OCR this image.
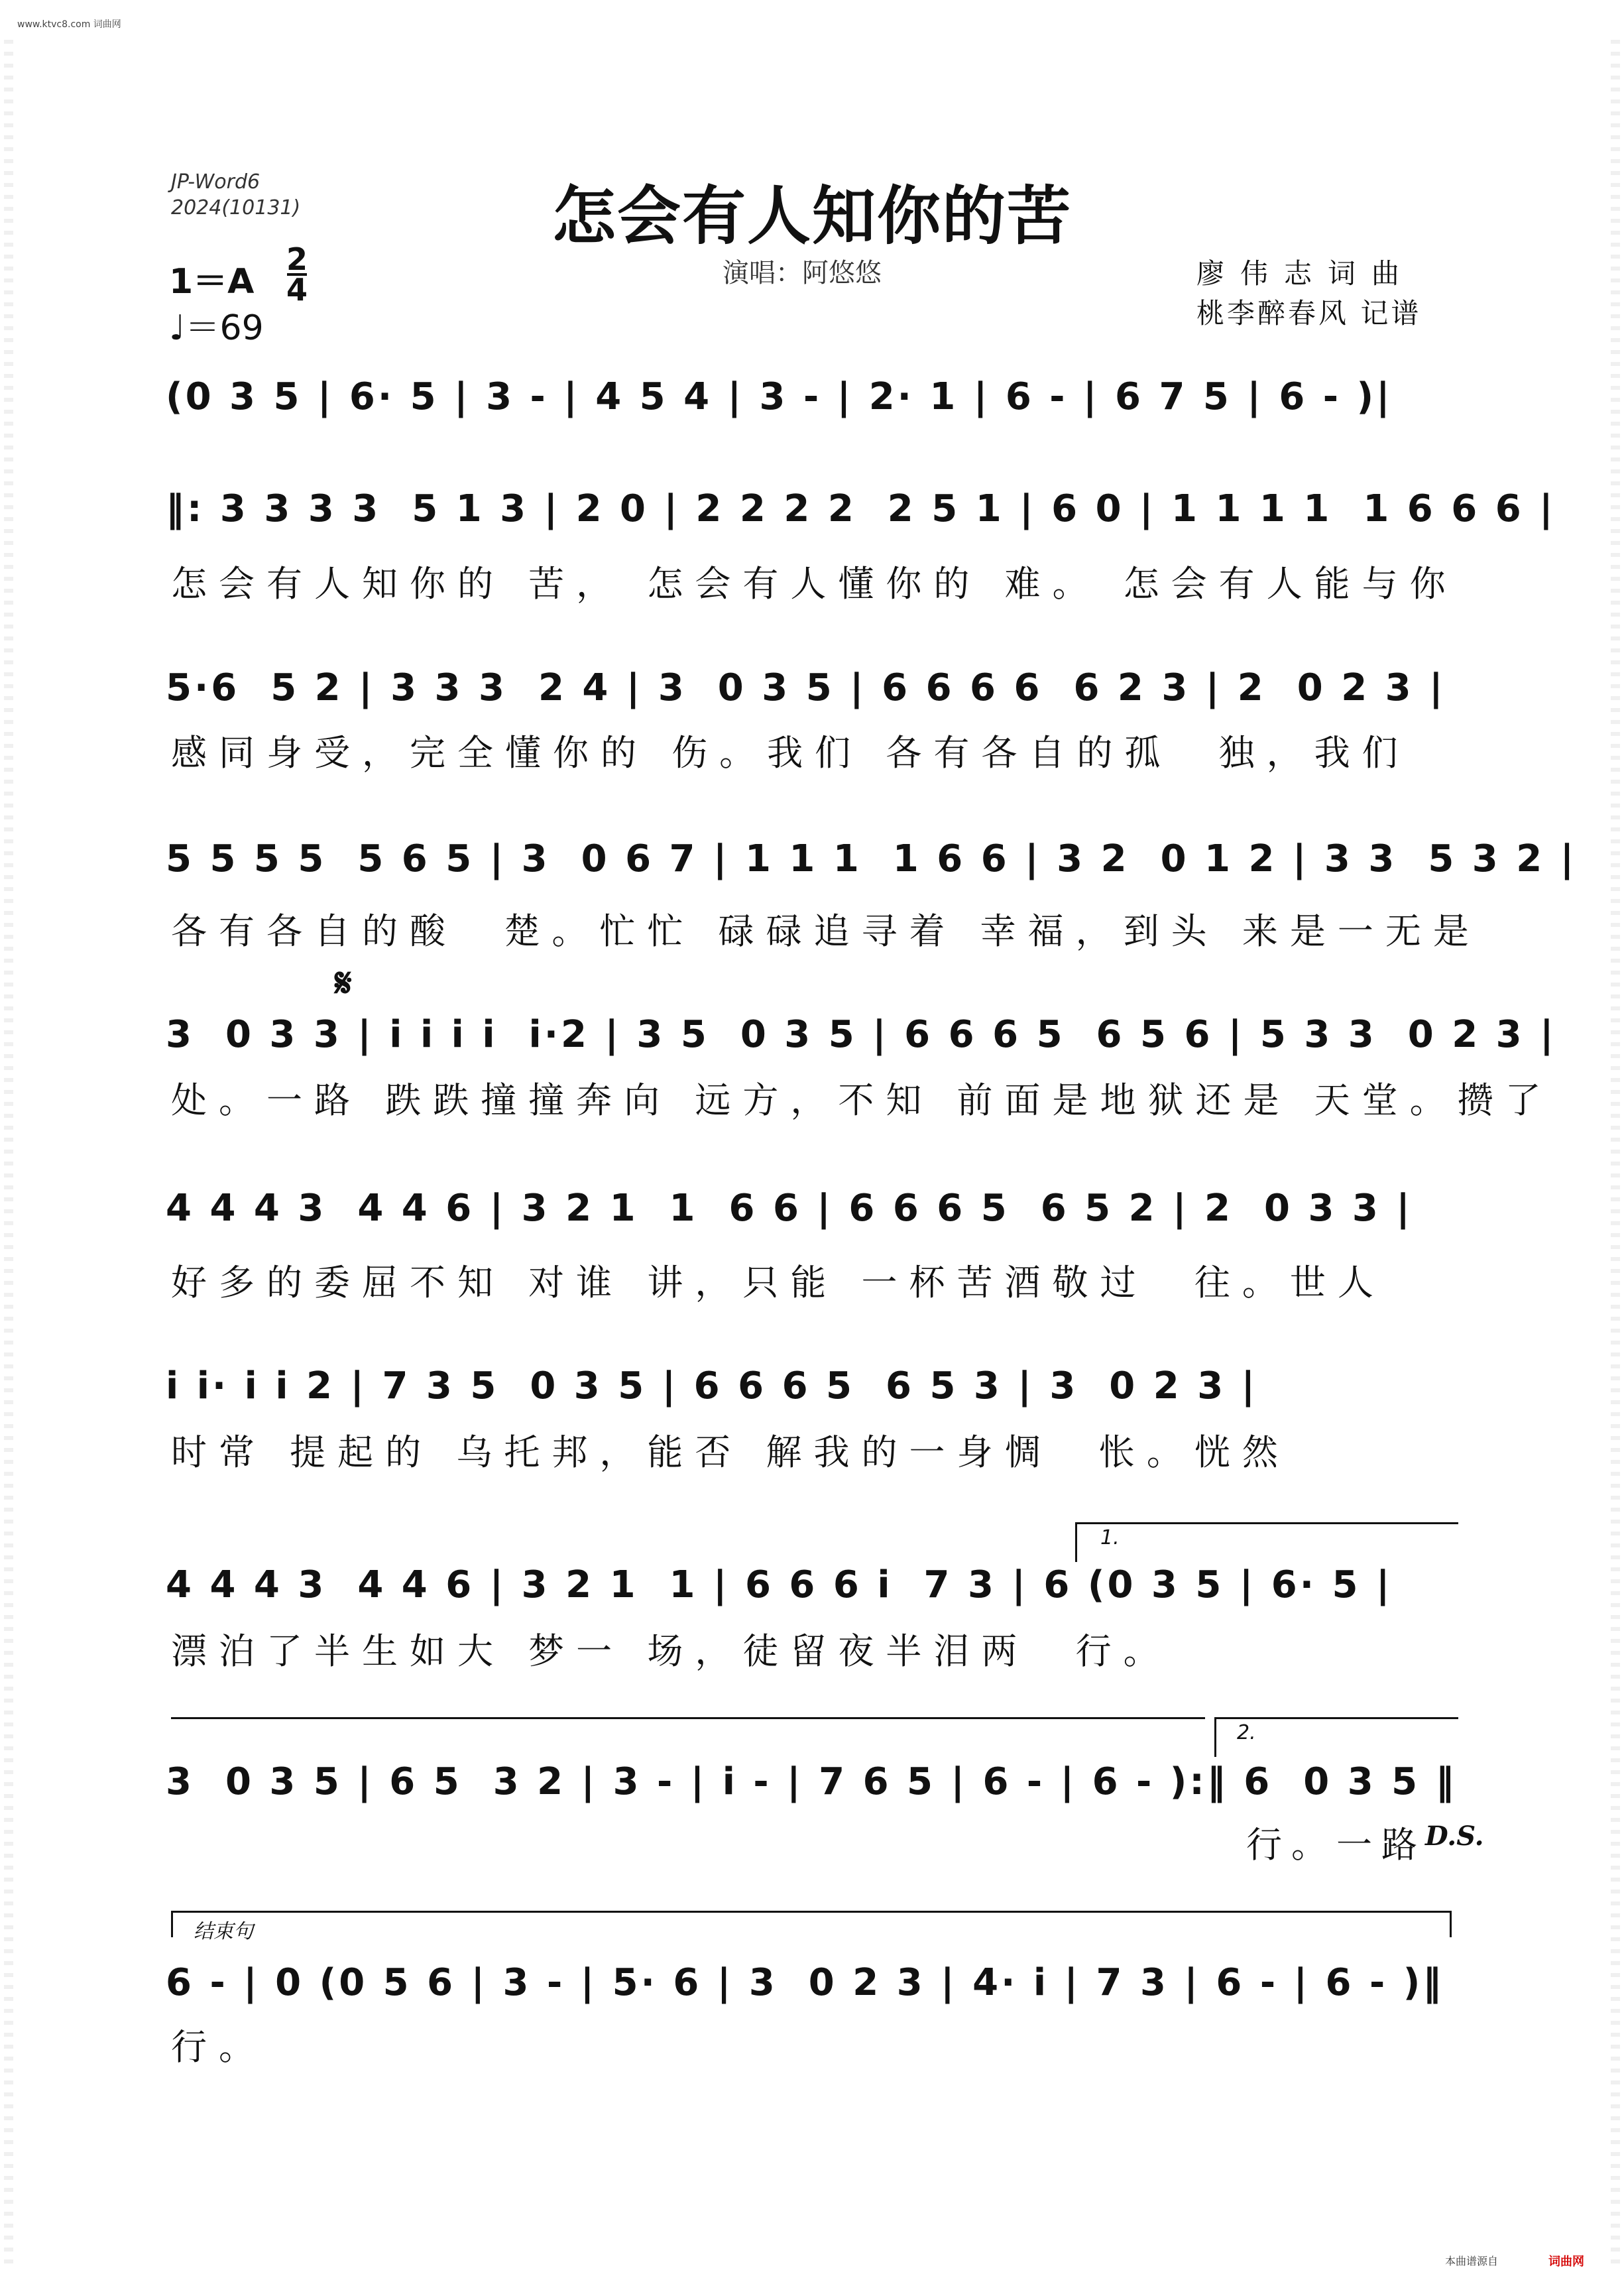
www.ktvc8.com 词曲网
JP-Word6
2024(10131)	怎会有人知你的苦
演唱：阿悠悠	廖伟志词曲
桃李醉春风 记谱
1＝A
2
4
♩＝69
(0 3 5 | 6· 5 | 3 - | 4 5 4 | 3 - | 2· 1 | 6 - | 6 7 5 | 6 - )|
‖: 3 3 3 3  5 1 3 | 2 0 | 2 2 2 2  2 5 1 | 6 0 | 1 1 1 1  1 6 6 6 |
怎会有人知你的 苦， 怎会有人懂你的 难。 怎会有人能与你
5·6  5 2 | 3 3 3  2 4 | 3  0 3 5 | 6 6 6 6  6 2 3 | 2  0 2 3 |
感同身受，完全懂你的 伤。我们 各有各自的孤  独，我们
5 5 5 5  5 6 5 | 3  0 6 7 | 1 1 1  1 6 6 | 3 2  0 1 2 | 3 3  5 3 2 |
各有各自的酸  楚。忙忙 碌碌追寻着 幸福，到头 来是一无是
𝄋
3  0 3 3 | i i i i  i·2 | 3 5  0 3 5 | 6 6 6 5  6 5 6 | 5 3 3  0 2 3 |
处。一路 跌跌撞撞奔向 远方，不知 前面是地狱还是 天堂。攒了
4 4 4 3  4 4 6 | 3 2 1  1  6 6 | 6 6 6 5  6 5 2 | 2  0 3 3 |
好多的委屈不知 对谁 讲，只能 一杯苦酒敬过  往。世人
i i· i i 2 | 7 3 5  0 3 5 | 6 6 6 5  6 5 3 | 3  0 2 3 |
时常 提起的 乌托邦，能否 解我的一身惆  怅。恍然
1.
4 4 4 3  4 4 6 | 3 2 1  1 | 6 6 6 i  7 3 | 6 (0 3 5 | 6· 5 |
漂泊了半生如大 梦一 场，徒留夜半泪两  行。
2.
3  0 3 5 | 6 5  3 2 | 3 - | i - | 7 6 5 | 6 - | 6 - ):‖ 6  0 3 5 ‖
行。一路
D.S.
结束句
6 - | 0 (0 5 6 | 3 - | 5· 6 | 3  0 2 3 | 4· i | 7 3 | 6 - | 6 - )‖
行。
本曲谱源自	词曲网
